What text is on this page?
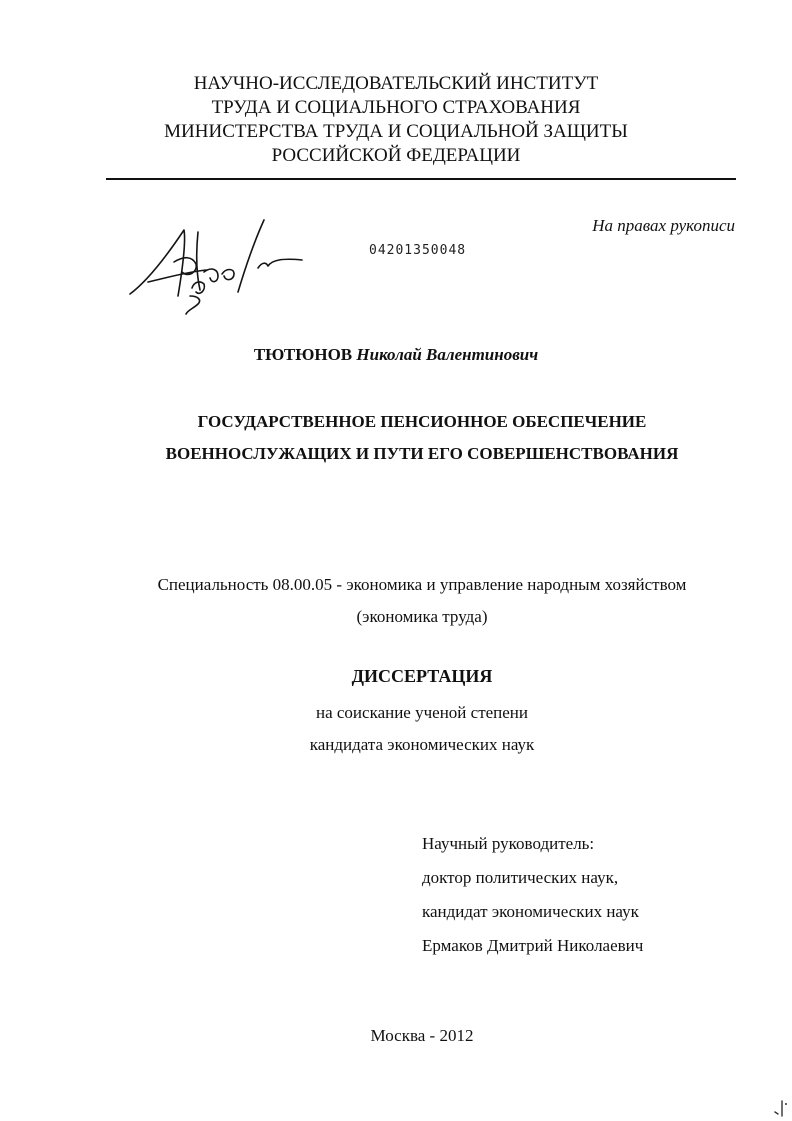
НАУЧНО-ИССЛЕДОВАТЕЛЬСКИЙ ИНСТИТУТ
ТРУДА И СОЦИАЛЬНОГО СТРАХОВАНИЯ
МИНИСТЕРСТВА ТРУДА И СОЦИАЛЬНОЙ ЗАЩИТЫ
РОССИЙСКОЙ ФЕДЕРАЦИИ
На правах рукописи
04201350048
ТЮТЮНОВ Николай Валентинович
ГОСУДАРСТВЕННОЕ ПЕНСИОННОЕ ОБЕСПЕЧЕНИЕ
ВОЕННОСЛУЖАЩИХ И ПУТИ ЕГО СОВЕРШЕНСТВОВАНИЯ
Специальность 08.00.05 - экономика и управление народным хозяйством
(экономика труда)
ДИССЕРТАЦИЯ
на соискание ученой степени
кандидата экономических наук
Научный руководитель:
доктор политических наук,
кандидат экономических наук
Ермаков Дмитрий Николаевич
Москва - 2012
